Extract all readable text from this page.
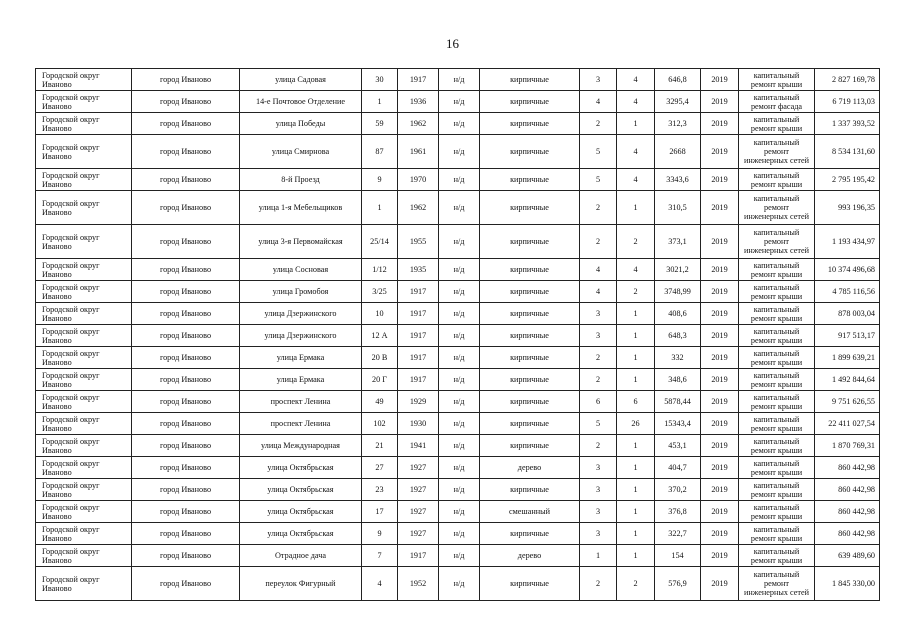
16
Городской округ Иваново	город Иваново	улица Садовая	30	1917	н/д	кирпичные	3	4	646,8	2019	капитальный ремонт крыши	2 827 169,78
Городской округ Иваново	город Иваново	14-е Почтовое Отделение	1	1936	н/д	кирпичные	4	4	3295,4	2019	капитальный ремонт фасада	6 719 113,03
Городской округ Иваново	город Иваново	улица Победы	59	1962	н/д	кирпичные	2	1	312,3	2019	капитальный ремонт крыши	1 337 393,52
Городской округ Иваново	город Иваново	улица Смирнова	87	1961	н/д	кирпичные	5	4	2668	2019	капитальный ремонт инженерных сетей	8 534 131,60
Городской округ Иваново	город Иваново	8-й Проезд	9	1970	н/д	кирпичные	5	4	3343,6	2019	капитальный ремонт крыши	2 795 195,42
Городской округ Иваново	город Иваново	улица 1-я Мебельщиков	1	1962	н/д	кирпичные	2	1	310,5	2019	капитальный ремонт инженерных сетей	993 196,35
Городской округ Иваново	город Иваново	улица 3-я Первомайская	25/14	1955	н/д	кирпичные	2	2	373,1	2019	капитальный ремонт инженерных сетей	1 193 434,97
Городской округ Иваново	город Иваново	улица Сосновая	1/12	1935	н/д	кирпичные	4	4	3021,2	2019	капитальный ремонт крыши	10 374 496,68
Городской округ Иваново	город Иваново	улица Громобоя	3/25	1917	н/д	кирпичные	4	2	3748,99	2019	капитальный ремонт крыши	4 785 116,56
Городской округ Иваново	город Иваново	улица Дзержинского	10	1917	н/д	кирпичные	3	1	408,6	2019	капитальный ремонт крыши	878 003,04
Городской округ Иваново	город Иваново	улица Дзержинского	12 А	1917	н/д	кирпичные	3	1	648,3	2019	капитальный ремонт крыши	917 513,17
Городской округ Иваново	город Иваново	улица Ермака	20 В	1917	н/д	кирпичные	2	1	332	2019	капитальный ремонт крыши	1 899 639,21
Городской округ Иваново	город Иваново	улица Ермака	20 Г	1917	н/д	кирпичные	2	1	348,6	2019	капитальный ремонт крыши	1 492 844,64
Городской округ Иваново	город Иваново	проспект Ленина	49	1929	н/д	кирпичные	6	6	5878,44	2019	капитальный ремонт крыши	9 751 626,55
Городской округ Иваново	город Иваново	проспект Ленина	102	1930	н/д	кирпичные	5	26	15343,4	2019	капитальный ремонт крыши	22 411 027,54
Городской округ Иваново	город Иваново	улица Международная	21	1941	н/д	кирпичные	2	1	453,1	2019	капитальный ремонт крыши	1 870 769,31
Городской округ Иваново	город Иваново	улица Октябрьская	27	1927	н/д	дерево	3	1	404,7	2019	капитальный ремонт крыши	860 442,98
Городской округ Иваново	город Иваново	улица Октябрьская	23	1927	н/д	кирпичные	3	1	370,2	2019	капитальный ремонт крыши	860 442,98
Городской округ Иваново	город Иваново	улица Октябрьская	17	1927	н/д	смешанный	3	1	376,8	2019	капитальный ремонт крыши	860 442,98
Городской округ Иваново	город Иваново	улица Октябрьская	9	1927	н/д	кирпичные	3	1	322,7	2019	капитальный ремонт крыши	860 442,98
Городской округ Иваново	город Иваново	Отрадное дача	7	1917	н/д	дерево	1	1	154	2019	капитальный ремонт крыши	639 489,60
Городской округ Иваново	город Иваново	переулок Фигурный	4	1952	н/д	кирпичные	2	2	576,9	2019	капитальный ремонт инженерных сетей	1 845 330,00
